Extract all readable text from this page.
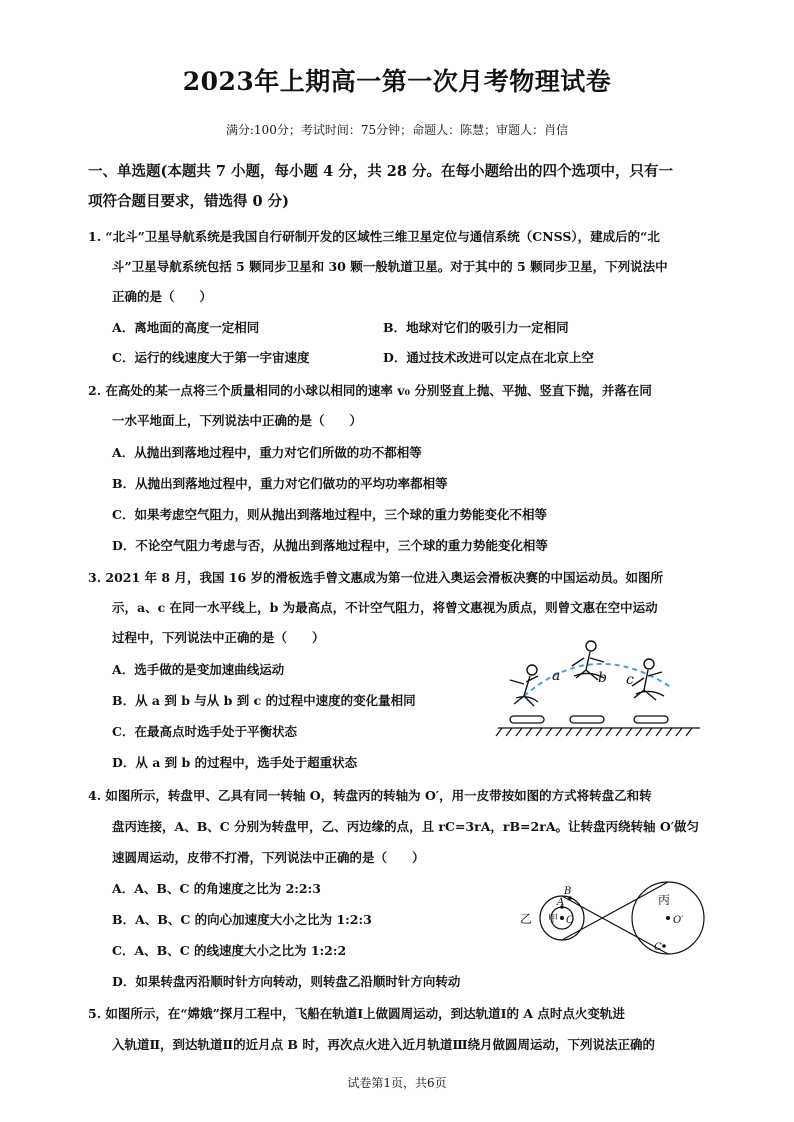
2023年上期高一第一次月考物理试卷
满分:100分；考试时间：75分钟；命题人：陈慧；审题人：肖信
一、单选题(本题共 7 小题，每小题 4 分，共 28 分。在每小题给出的四个选项中，只有一
项符合题目要求，错选得 0 分)
1. “北斗”卫星导航系统是我国自行研制开发的区域性三维卫星定位与通信系统（CNSS），建成后的“北
斗”卫星导航系统包括 5 颗同步卫星和 30 颗一般轨道卫星。对于其中的 5 颗同步卫星，下列说法中
正确的是（　　）
A．离地面的高度一定相同	B．地球对它们的吸引力一定相同
C．运行的线速度大于第一宇宙速度	D．通过技术改进可以定点在北京上空
2. 在高处的某一点将三个质量相同的小球以相同的速率 v₀ 分别竖直上抛、平抛、竖直下抛，并落在同
一水平地面上，下列说法中正确的是（　　）
A．从抛出到落地过程中，重力对它们所做的功不都相等
B．从抛出到落地过程中，重力对它们做功的平均功率都相等
C．如果考虑空气阻力，则从抛出到落地过程中，三个球的重力势能变化不相等
D．不论空气阻力考虑与否，从抛出到落地过程中，三个球的重力势能变化相等
3. 2021 年 8 月，我国 16 岁的滑板选手曾文惠成为第一位进入奥运会滑板决赛的中国运动员。如图所
示，a、c 在同一水平线上，b 为最高点，不计空气阻力，将曾文惠视为质点，则曾文惠在空中运动
过程中，下列说法中正确的是（　　）
A．选手做的是变加速曲线运动
B．从 a 到 b 与从 b 到 c 的过程中速度的变化量相同
C．在最高点时选手处于平衡状态
D．从 a 到 b 的过程中，选手处于超重状态
a	b c
4. 如图所示，转盘甲、乙具有同一转轴 O，转盘丙的转轴为 O′，用一皮带按如图的方式将转盘乙和转
盘丙连接，A、B、C 分别为转盘甲，乙、丙边缘的点，且 rC=3rA，rB=2rA。让转盘丙绕转轴 O′做匀
速圆周运动，皮带不打滑，下列说法中正确的是（　　）
A．A、B、C 的角速度之比为 2:2:3
B．A、B、C 的向心加速度大小之比为 1:2:3
C．A、B、C 的线速度大小之比为 1:2:2
D．如果转盘丙沿顺时针方向转动，则转盘乙沿顺时针方向转动
乙 甲
A
B
O
丙
O′
C
5. 如图所示，在“嫦娥”探月工程中，飞船在轨道Ⅰ上做圆周运动，到达轨道Ⅰ的 A 点时点火变轨进
入轨道Ⅱ，到达轨道Ⅱ的近月点 B 时，再次点火进入近月轨道Ⅲ绕月做圆周运动，下列说法正确的
试卷第1页，共6页
